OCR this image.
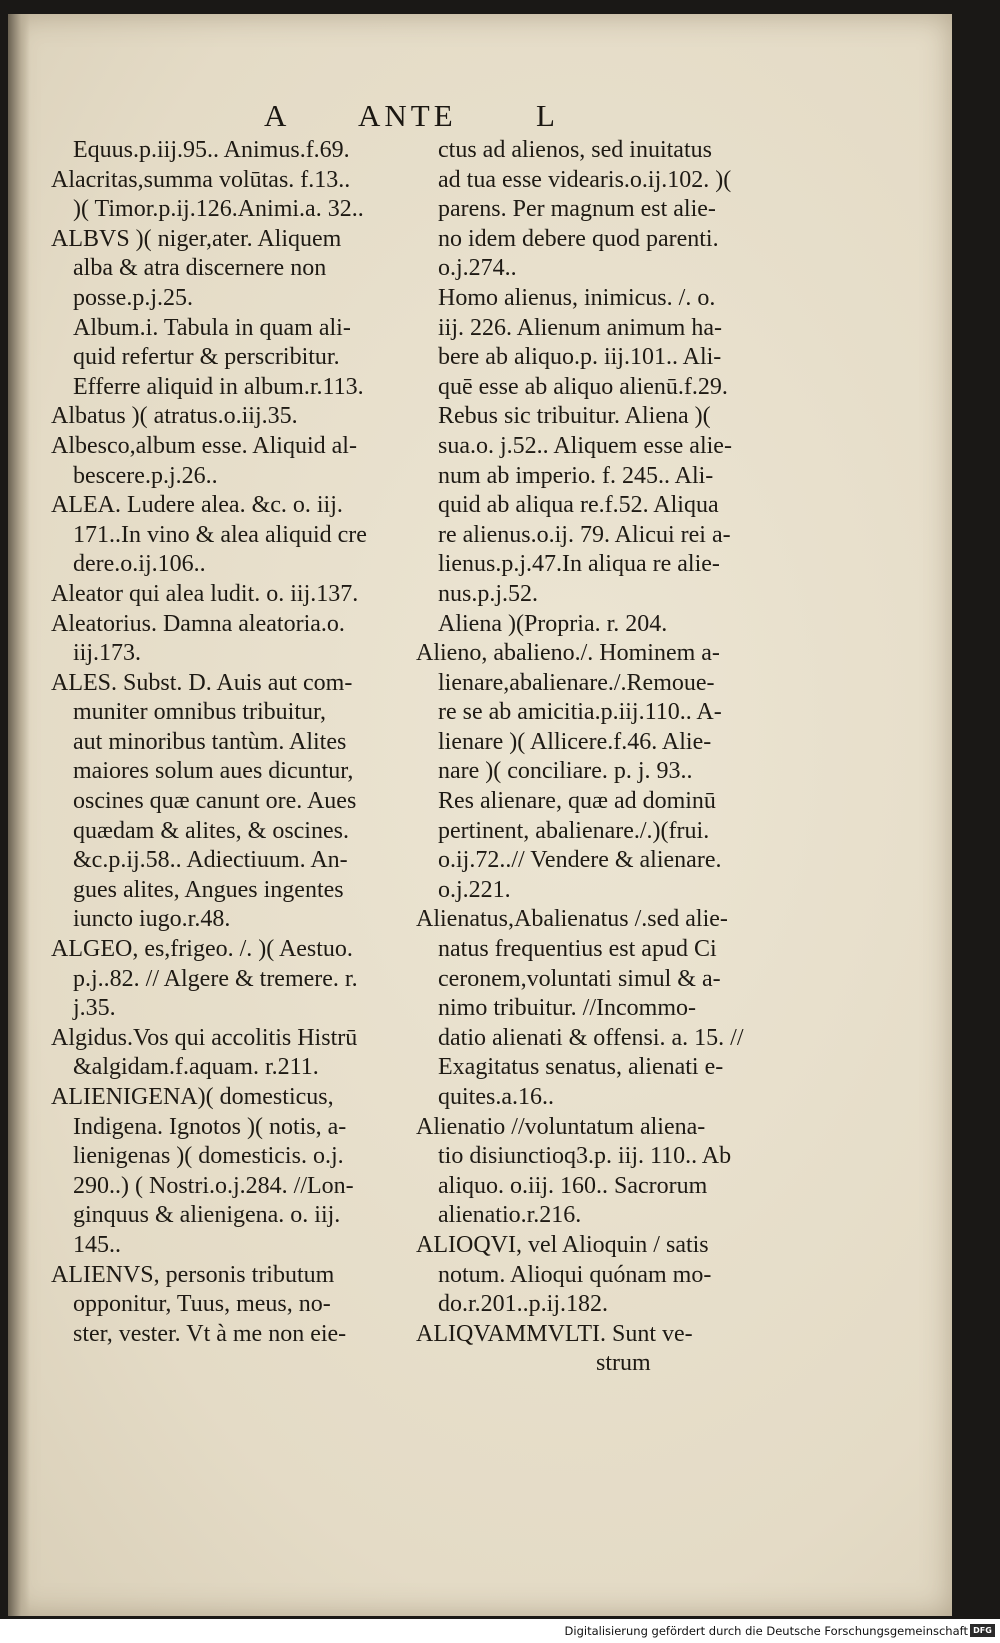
A ANTE	L
Equus.p.iij.95.. Animus.f.69.
Alacritas,summa volūtas. f.13..
)( Timor.p.ij.126.Animi.a. 32..
ALBVS )( niger,ater. Aliquem
alba & atra discernere non
posse.p.j.25.
Album.i. Tabula in quam ali-
quid refertur & perscribitur.
Efferre aliquid in album.r.113.
Albatus )( atratus.o.iij.35.
Albesco,album esse. Aliquid al-
bescere.p.j.26..
ALEA. Ludere alea. &c. o. iij.
171..In vino & alea aliquid cre
dere.o.ij.106..
Aleator qui alea ludit. o. iij.137.
Aleatorius. Damna aleatoria.o.
iij.173.
ALES. Subst. D. Auis aut com-
muniter omnibus tribuitur,
aut minoribus tantùm. Alites
maiores solum aues dicuntur,
oscines quæ canunt ore. Aues
quædam & alites, & oscines.
&c.p.ij.58.. Adiectiuum. An-
gues alites, Angues ingentes
iuncto iugo.r.48.
ALGEO, es,frigeo. /. )( Aestuo.
p.j..82. // Algere & tremere. r.
j.35.
Algidus.Vos qui accolitis Histrū
&algidam.f.aquam. r.211.
ALIENIGENA)( domesticus,
Indigena. Ignotos )( notis, a-
lienigenas )( domesticis. o.j.
290..) ( Nostri.o.j.284. //Lon-
ginquus & alienigena. o. iij.
145..
ALIENVS, personis tributum
opponitur, Tuus, meus, no-
ster, vester. Vt à me non eie-
ctus ad alienos, sed inuitatus
ad tua esse videaris.o.ij.102. )(
parens. Per magnum est alie-
no idem debere quod parenti.
o.j.274..
Homo alienus, inimicus. /. o.
iij. 226. Alienum animum ha-
bere ab aliquo.p. iij.101.. Ali-
quē esse ab aliquo alienū.f.29.
Rebus sic tribuitur. Aliena )(
sua.o. j.52.. Aliquem esse alie-
num ab imperio. f. 245.. Ali-
quid ab aliqua re.f.52. Aliqua
re alienus.o.ij. 79. Alicui rei a-
lienus.p.j.47.In aliqua re alie-
nus.p.j.52.
Aliena )(Propria. r. 204.
Alieno, abalieno./. Hominem a-
lienare,abalienare./.Remoue-
re se ab amicitia.p.iij.110.. A-
lienare )( Allicere.f.46. Alie-
nare )( conciliare. p. j. 93..
Res alienare, quæ ad dominū
pertinent, abalienare./.)(frui.
o.ij.72..// Vendere & alienare.
o.j.221.
Alienatus,Abalienatus /.sed alie-
natus frequentius est apud Ci
ceronem,voluntati simul & a-
nimo tribuitur. //Incommo-
datio alienati & offensi. a. 15. //
Exagitatus senatus, alienati e-
quites.a.16..
Alienatio //voluntatum aliena-
tio disiunctioq3.p. iij. 110.. Ab
aliquo. o.iij. 160.. Sacrorum
alienatio.r.216.
ALIOQVI, vel Alioquin / satis
notum. Alioqui quónam mo-
do.r.201..p.ij.182.
ALIQVAMMVLTI. Sunt ve-
strum
Digitalisierung gefördert durch die Deutsche Forschungsgemeinschaft DFG
